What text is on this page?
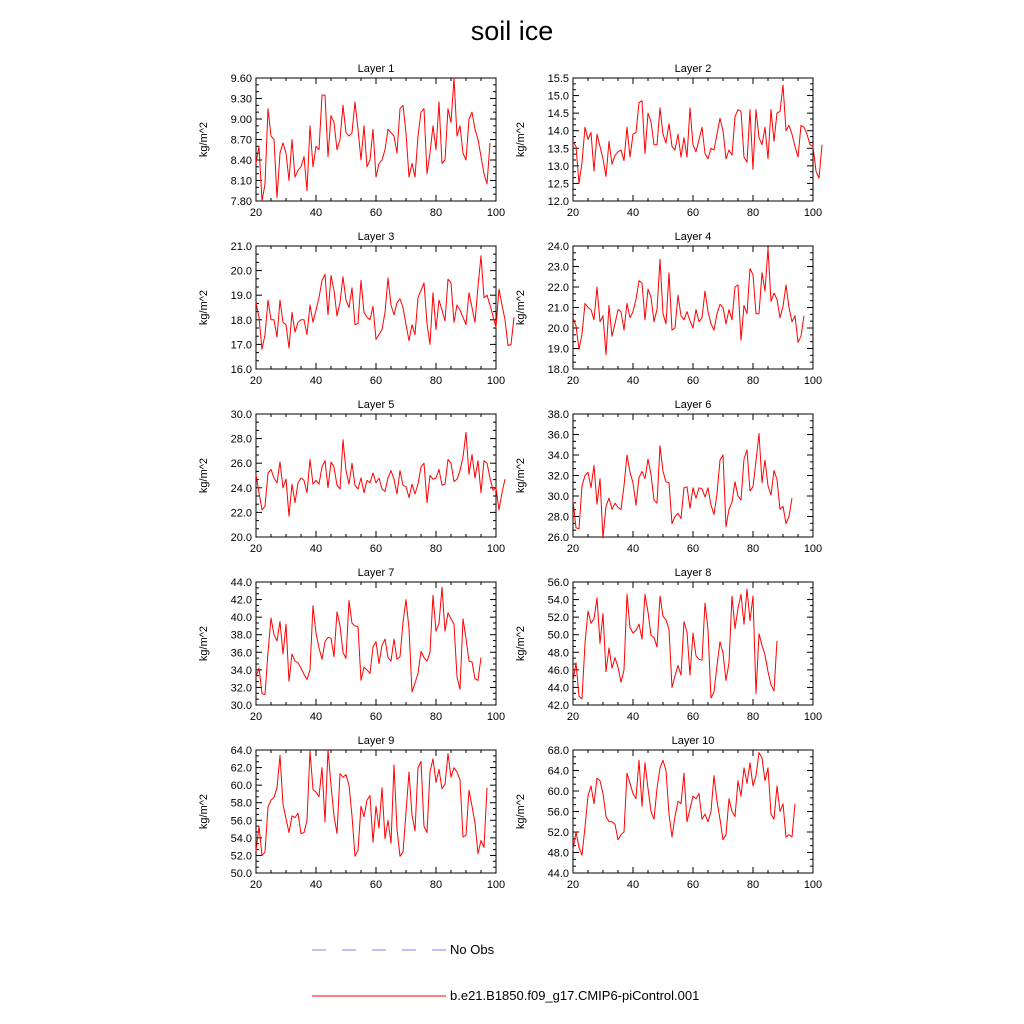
soil ice
Layer 1
kg/m^2
20	40	60	80	100
7.80
8.10
8.40
8.70
9.00
9.30
9.60
Layer 2
kg/m^2
20	40	60	80	100
12.0
12.5
13.0
13.5
14.0
14.5
15.0
15.5
Layer 3
kg/m^2
20	40	60	80	100
16.0
17.0
18.0
19.0
20.0
21.0
Layer 4
kg/m^2
20	40	60	80	100
18.0
19.0
20.0
21.0
22.0
23.0
24.0
Layer 5
kg/m^2
20	40	60	80	100
20.0
22.0
24.0
26.0
28.0
30.0
Layer 6
kg/m^2
20	40	60	80	100
26.0
28.0
30.0
32.0
34.0
36.0
38.0
Layer 7
kg/m^2
20	40	60	80	100
30.0
32.0
34.0
36.0
38.0
40.0
42.0
44.0
Layer 8
kg/m^2
20	40	60	80	100
42.0
44.0
46.0
48.0
50.0
52.0
54.0
56.0
Layer 9
kg/m^2
20	40	60	80	100
50.0
52.0
54.0
56.0
58.0
60.0
62.0
64.0
Layer 10
kg/m^2
20	40	60	80	100
44.0
48.0
52.0
56.0
60.0
64.0
68.0
No Obs
b.e21.B1850.f09_g17.CMIP6-piControl.001
